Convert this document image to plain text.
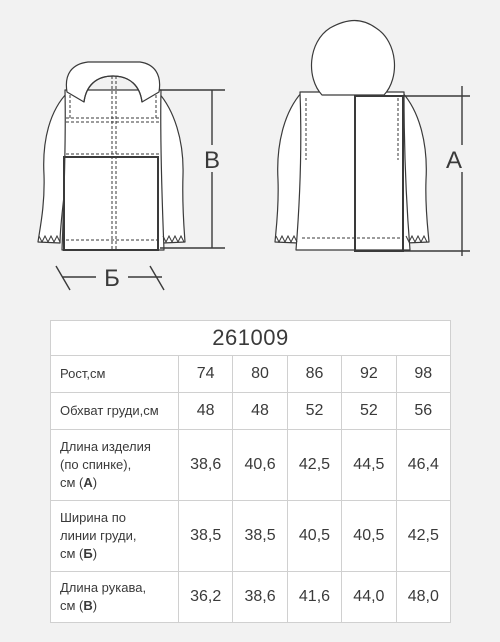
В	А
Б
261009					
Рост,см	74	80	86	92	98
Обхват груди,см	48	48	52	52	56
Длина изделия
(по спинке),
см (А)	38,6	40,6	42,5	44,5	46,4
Ширина по
линии груди,
см (Б)	38,5	38,5	40,5	40,5	42,5
Длина рукава,
см (В)	36,2	38,6	41,6	44,0	48,0
